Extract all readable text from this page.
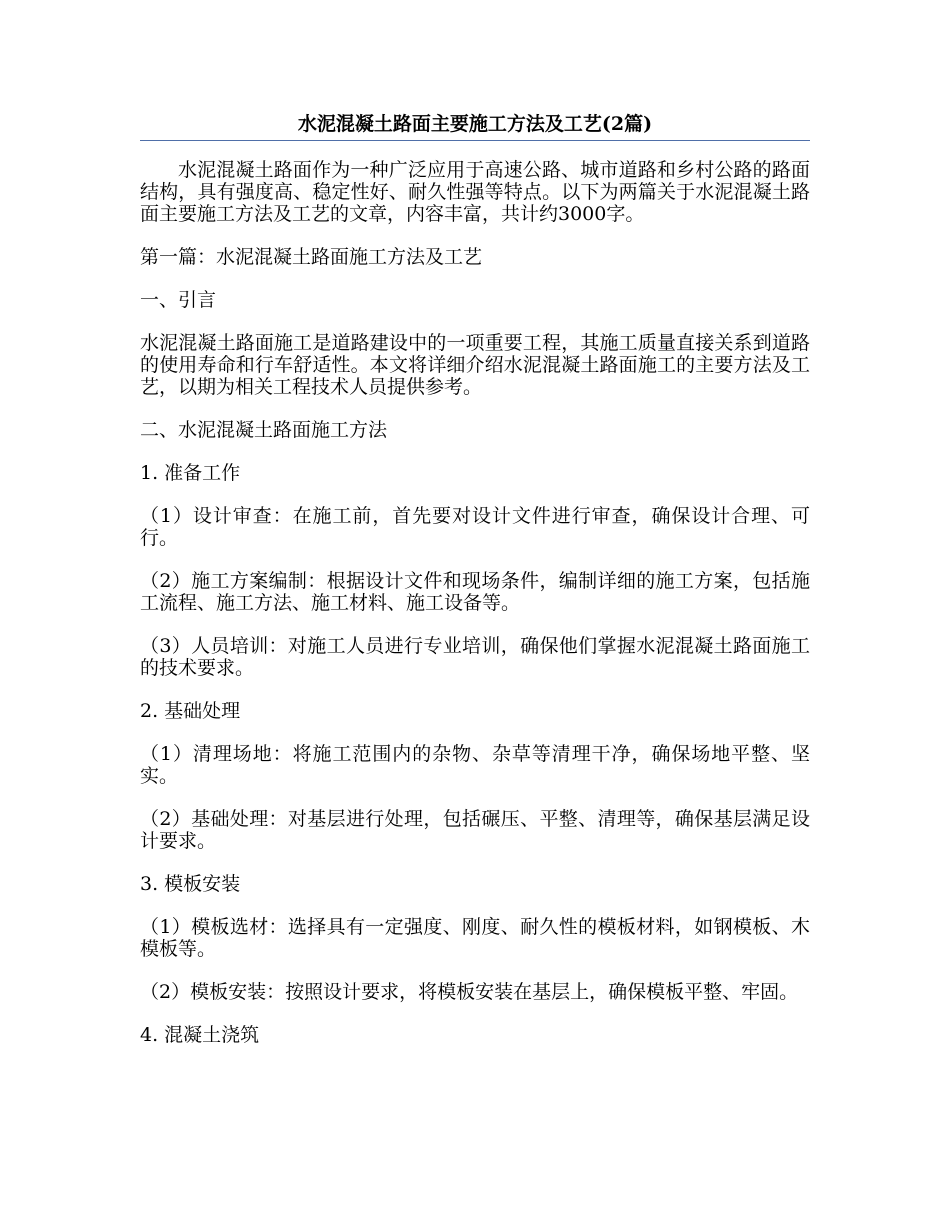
水泥混凝土路面主要施工方法及工艺(2篇)

水泥混凝土路面作为一种广泛应用于高速公路、城市道路和乡村公路的路面结构，具有强度高、稳定性好、耐久性强等特点。以下为两篇关于水泥混凝土路面主要施工方法及工艺的文章，内容丰富，共计约3000字。

第一篇：水泥混凝土路面施工方法及工艺

一、引言

水泥混凝土路面施工是道路建设中的一项重要工程，其施工质量直接关系到道路的使用寿命和行车舒适性。本文将详细介绍水泥混凝土路面施工的主要方法及工艺，以期为相关工程技术人员提供参考。

二、水泥混凝土路面施工方法

1. 准备工作

（1）设计审查：在施工前，首先要对设计文件进行审查，确保设计合理、可行。

（2）施工方案编制：根据设计文件和现场条件，编制详细的施工方案，包括施工流程、施工方法、施工材料、施工设备等。

（3）人员培训：对施工人员进行专业培训，确保他们掌握水泥混凝土路面施工的技术要求。

2. 基础处理

（1）清理场地：将施工范围内的杂物、杂草等清理干净，确保场地平整、坚实。

（2）基础处理：对基层进行处理，包括碾压、平整、清理等，确保基层满足设计要求。

3. 模板安装

（1）模板选材：选择具有一定强度、刚度、耐久性的模板材料，如钢模板、木模板等。

（2）模板安装：按照设计要求，将模板安装在基层上，确保模板平整、牢固。

4. 混凝土浇筑
